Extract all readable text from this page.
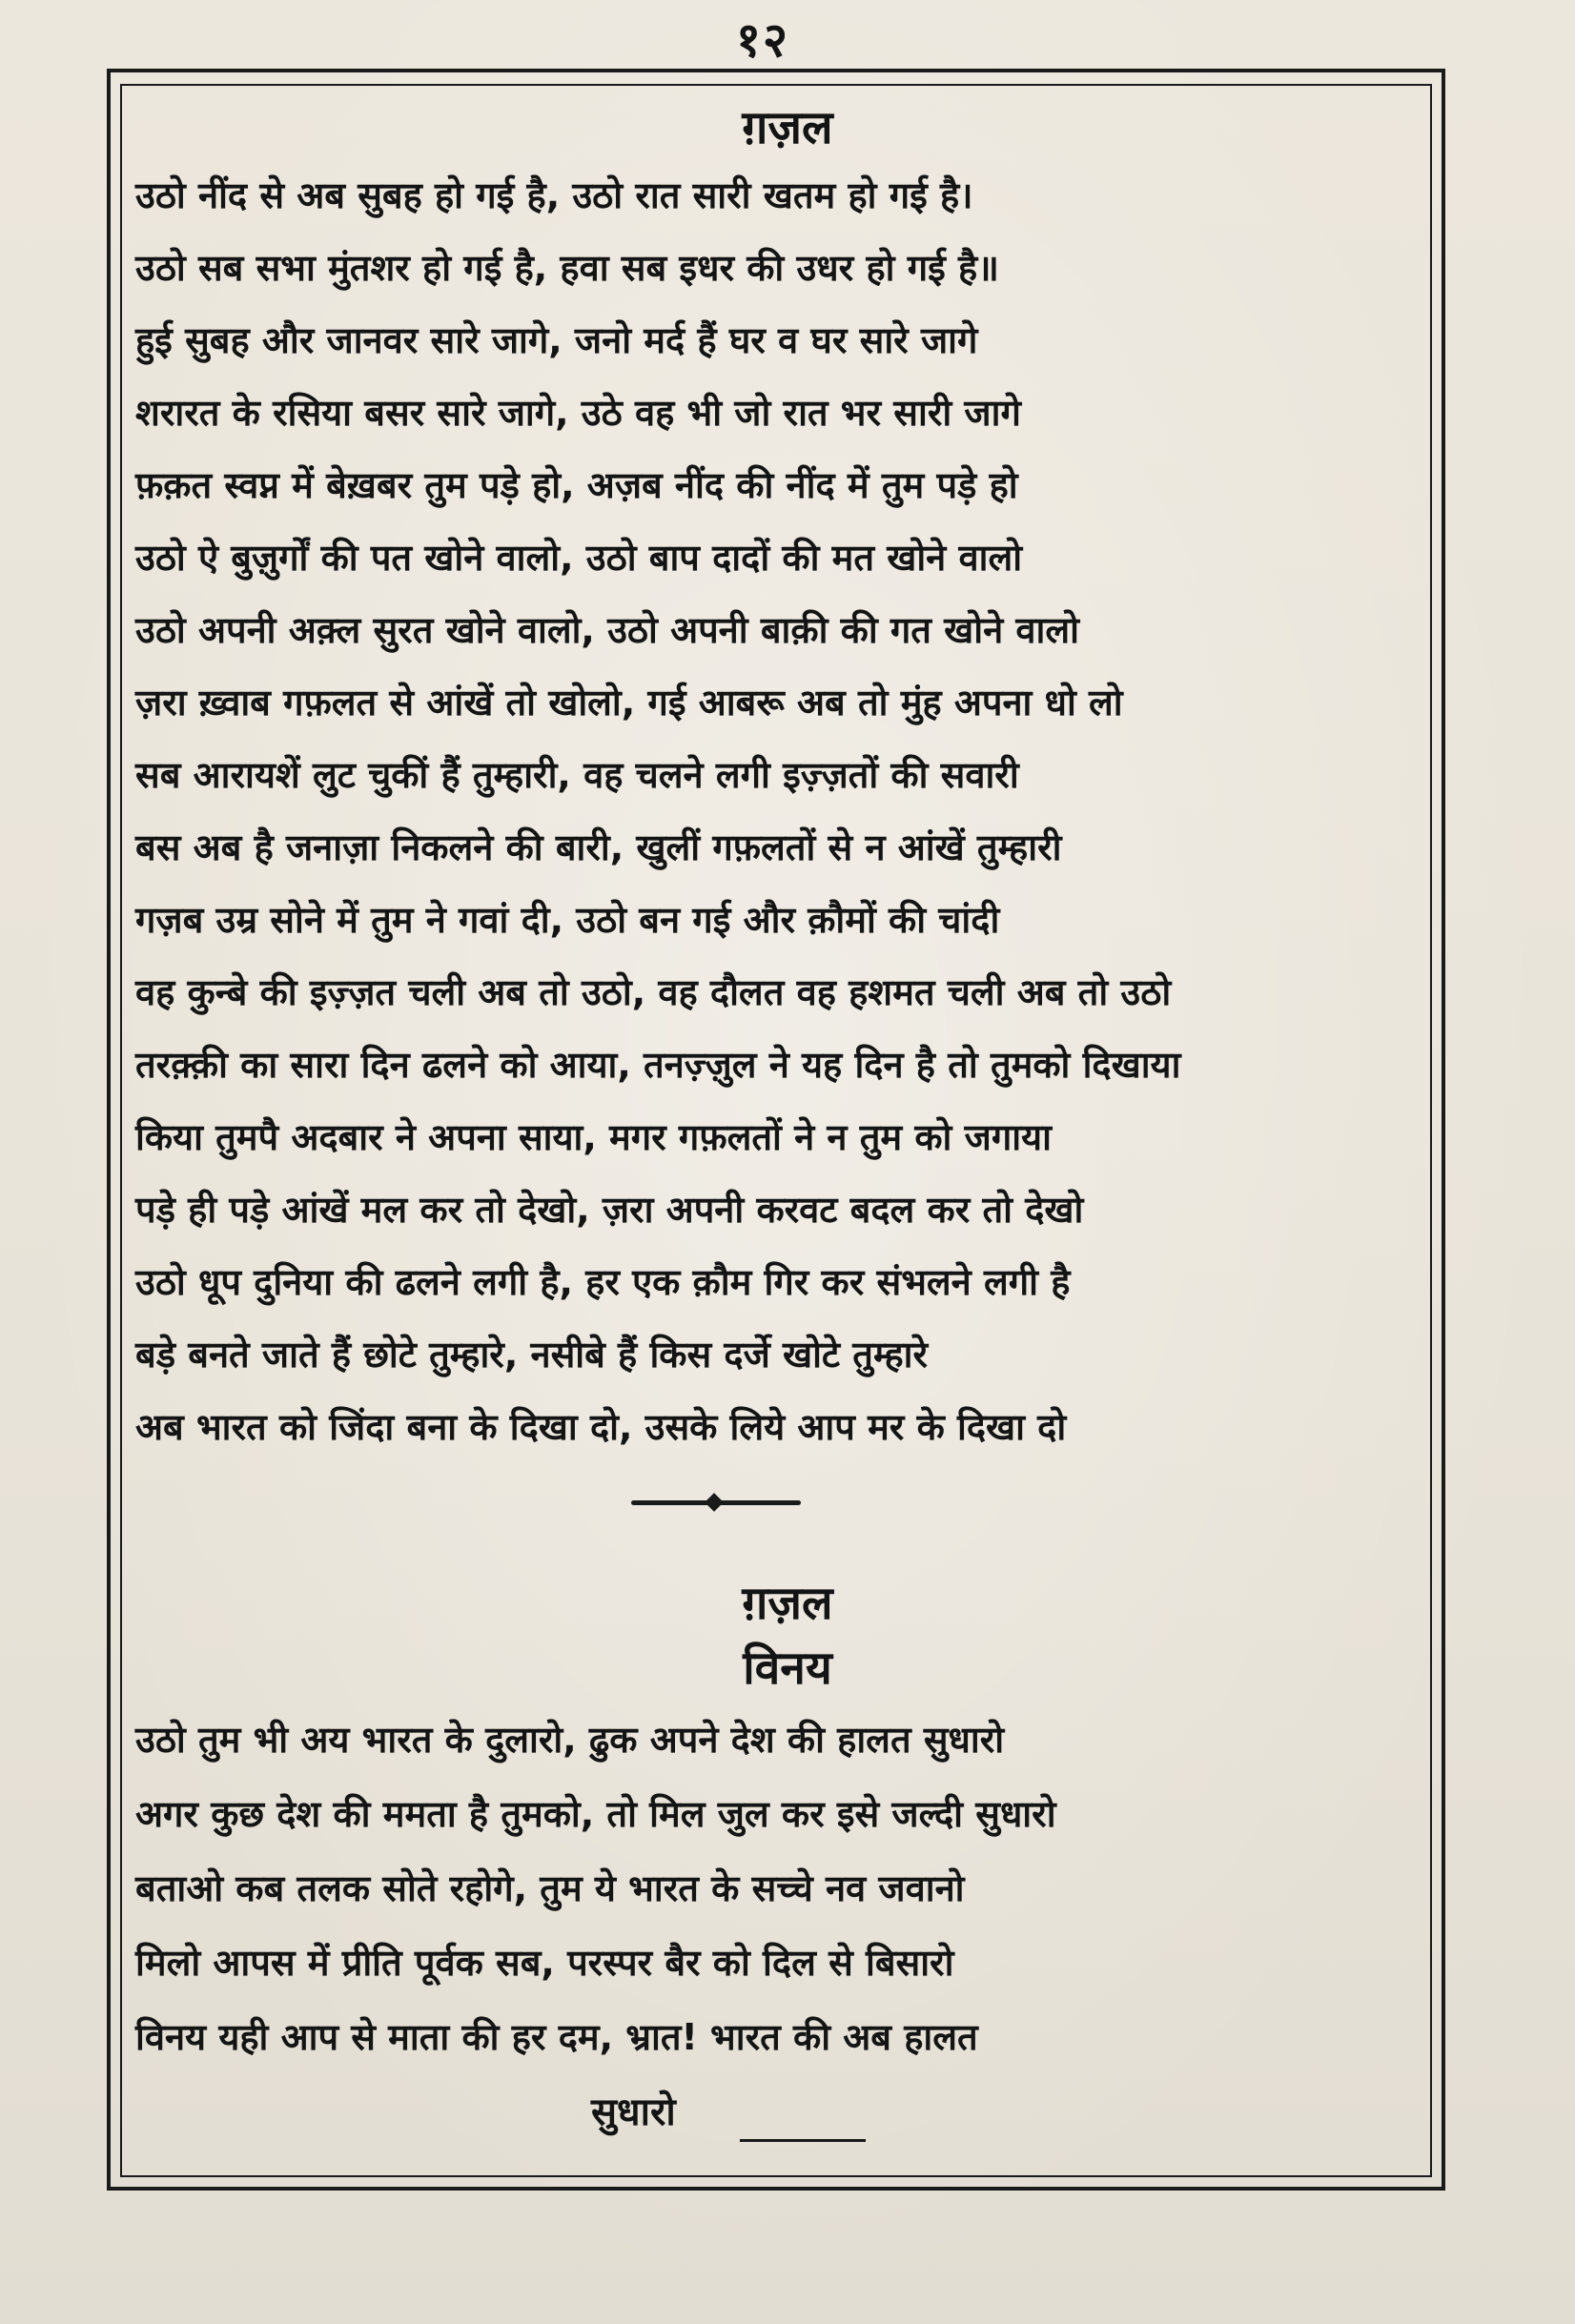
१२
ग़ज़ल
उठो नींद से अब सुबह हो गई है, उठो रात सारी खतम हो गई है।
उठो सब सभा मुंतशर हो गई है, हवा सब इधर की उधर हो गई है॥
हुई सुबह और जानवर सारे जागे, जनो मर्द हैं घर व घर सारे जागे
शरारत के रसिया बसर सारे जागे, उठे वह भी जो रात भर सारी जागे
फ़क़त स्वप्न में बेख़बर तुम पड़े हो, अज़ब नींद की नींद में तुम पड़े हो
उठो ऐ बुज़ुर्गों की पत खोने वालो, उठो बाप दादों की मत खोने वालो
उठो अपनी अक़्ल सुरत खोने वालो, उठो अपनी बाक़ी की गत खोने वालो
ज़रा ख़्वाब गफ़लत से आंखें तो खोलो, गई आबरू अब तो मुंह अपना धो लो
सब आरायशें लुट चुकीं हैं तुम्हारी, वह चलने लगी इज़्ज़तों की सवारी
बस अब है जनाज़ा निकलने की बारी, खुलीं गफ़लतों से न आंखें तुम्हारी
गज़ब उम्र सोने में तुम ने गवां दी, उठो बन गई और क़ौमों की चांदी
वह कुन्बे की इज़्ज़त चली अब तो उठो, वह दौलत वह हशमत चली अब तो उठो
तरक़्क़ी का सारा दिन ढलने को आया, तनज़्ज़ुल ने यह दिन है तो तुमको दिखाया
किया तुमपै अदबार ने अपना साया, मगर गफ़लतों ने न तुम को जगाया
पड़े ही पड़े आंखें मल कर तो देखो, ज़रा अपनी करवट बदल कर तो देखो
उठो धूप दुनिया की ढलने लगी है, हर एक क़ौम गिर कर संभलने लगी है
बड़े बनते जाते हैं छोटे तुम्हारे, नसीबे हैं किस दर्जे खोटे तुम्हारे
अब भारत को जिंदा बना के दिखा दो, उसके लिये आप मर के दिखा दो
ग़ज़ल
विनय
उठो तुम भी अय भारत के दुलारो, ढुक अपने देश की हालत सुधारो
अगर कुछ देश की ममता है तुमको, तो मिल जुल कर इसे जल्दी सुधारो
बताओ कब तलक सोते रहोगे, तुम ये भारत के सच्चे नव जवानो
मिलो आपस में प्रीति पूर्वक सब, परस्पर बैर को दिल से बिसारो
विनय यही आप से माता की हर दम, भ्रात! भारत की अब हालत
सुधारो
